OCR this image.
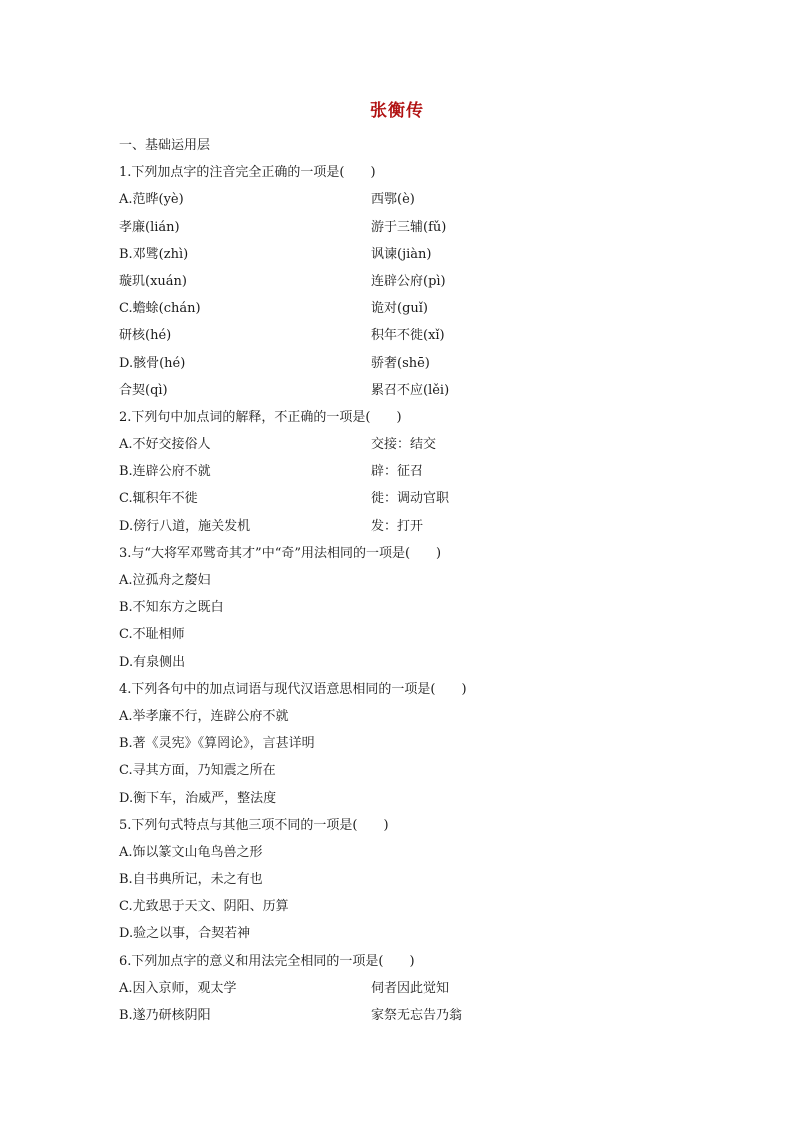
张衡传
一、基础运用层
1.下列加点字的注音完全正确的一项是(　　)
A.范晔(yè)	西鄂(è)
孝廉(lián)	游于三辅(fǔ)
B.邓骘(zhì)	讽谏(jiàn)
璇玑(xuán)	连辟公府(pì)
C.蟾蜍(chán)	诡对(guǐ)
研核(hé)	积年不徙(xǐ)
D.骸骨(hé)	骄奢(shē)
合契(qì)	累召不应(lěi)
2.下列句中加点词的解释，不正确的一项是(　　)
A.不好交接俗人	交接：结交
B.连辟公府不就	辟：征召
C.辄积年不徙	徙：调动官职
D.傍行八道，施关发机	发：打开
3.与“大将军邓骘奇其才”中“奇”用法相同的一项是(　　)
A.泣孤舟之嫠妇
B.不知东方之既白
C.不耻相师
D.有泉侧出
4.下列各句中的加点词语与现代汉语意思相同的一项是(　　)
A.举孝廉不行，连辟公府不就
B.著《灵宪》《算罔论》，言甚详明
C.寻其方面，乃知震之所在
D.衡下车，治威严，整法度
5.下列句式特点与其他三项不同的一项是(　　)
A.饰以篆文山龟鸟兽之形
B.自书典所记，未之有也
C.尤致思于天文、阴阳、历算
D.验之以事，合契若神
6.下列加点字的意义和用法完全相同的一项是(　　)
A.因入京师，观太学	伺者因此觉知
B.遂乃研核阴阳	家祭无忘告乃翁
